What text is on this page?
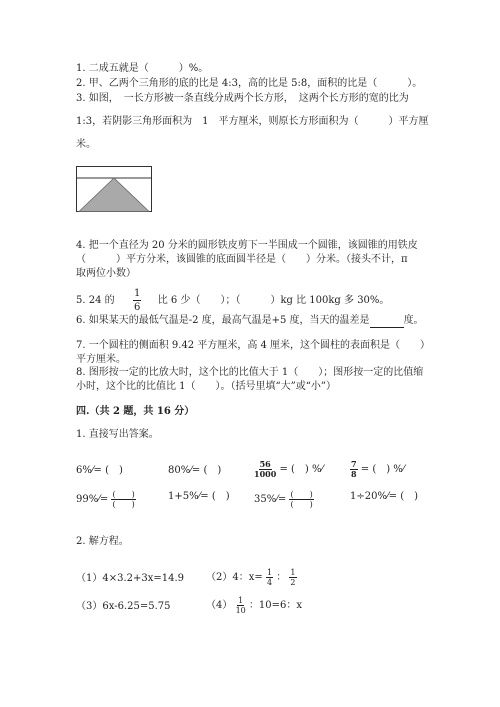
1. 二成五就是（　　　）%。
2. 甲、乙两个三角形的底的比是 4:3，高的比是 5:8，面积的比是（　　　）。
3. 如图，　一长方形被一条直线分成两个长方形，　这两个长方形的宽的比为
1:3，若阴影三角形面积为　1　平方厘米，则原长方形面积为（　　　）平方厘
米。
4. 把一个直径为 20 分米的圆形铁皮剪下一半围成一个圆锥，该圆锥的用铁皮
（　　　）平方分米，该圆锥的底面圆半径是（　　）分米。（接头不计，π
取两位小数）
5. 24 的 $\frac{1}{6}$ 比 6 少（　　）；（　　　）kg 比 100kg 多 30%。
6. 如果某天的最低气温是-2 度，最高气温是+5 度，当天的温差是	度。
7. 一个圆柱的侧面积 9.42 平方厘米，高 4 厘米，这个圆柱的表面积是（　　）
平方厘米。
8. 图形按一定的比放大时，这个比的比值大于 1（　　）；图形按一定的比值缩
小时，这个比的比值比 1（　　）。（括号里填“大”或“小”）
四.（共 2 题，共 16 分）
1. 直接写出答案。
6%⁄= (　)	80%⁄= (　)	$\frac{56}{1000}$ = (　) %⁄	$\frac{7}{8}$ = (　) %⁄
99%⁄= $\frac{( )}{( )}$	1+5%⁄= (　) 35%⁄= $\frac{( )}{( )}$	1÷20%⁄= (　)
2. 解方程。
（1）4×3.2+3x=14.9 （2）4：$x= \frac{1}{4}$ ： $\frac{1}{2}$
（3）6x-6.25=5.75	$(4) \frac{1}{10}$ ：10=6：x
